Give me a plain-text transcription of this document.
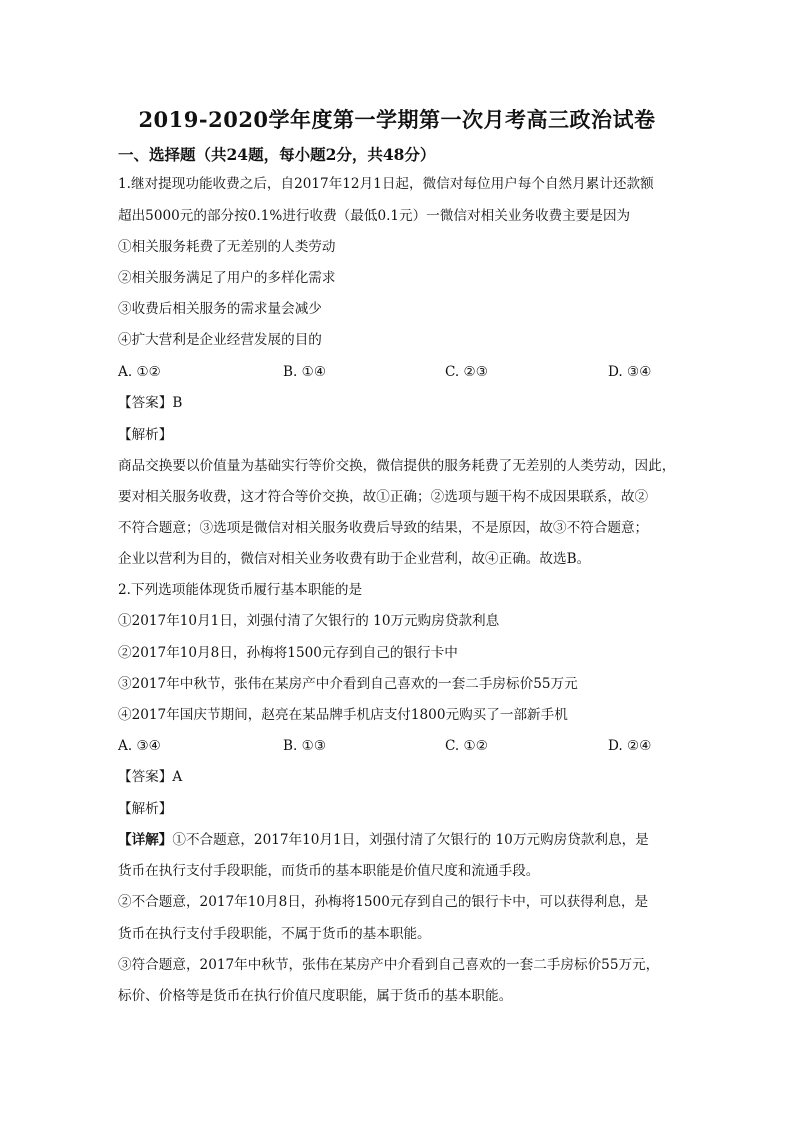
2019-2020学年度第一学期第一次月考高三政治试卷
一、选择题（共24题，每小题2分，共48分）
1.继对提现功能收费之后，自2017年12月1日起，微信对每位用户每个自然月累计还款额
超出5000元的部分按0.1%进行收费（最低0.1元）一微信对相关业务收费主要是因为
①相关服务耗费了无差别的人类劳动
②相关服务满足了用户的多样化需求
③收费后相关服务的需求量会减少
④扩大营利是企业经营发展的目的
A. ①②	B. ①④	C. ②③	D. ③④
【答案】B
【解析】
商品交换要以价值量为基础实行等价交换，微信提供的服务耗费了无差别的人类劳动，因此，
要对相关服务收费，这才符合等价交换，故①正确；②选项与题干构不成因果联系，故②
不符合题意；③选项是微信对相关服务收费后导致的结果，不是原因，故③不符合题意；
企业以营利为目的，微信对相关业务收费有助于企业营利，故④正确。故选B。
2.下列选项能体现货币履行基本职能的是
①2017年10月1日，刘强付清了欠银行的 10万元购房贷款利息
②2017年10月8日，孙梅将1500元存到自己的银行卡中
③2017年中秋节，张伟在某房产中介看到自己喜欢的一套二手房标价55万元
④2017年国庆节期间，赵亮在某品牌手机店支付1800元购买了一部新手机
A. ③④	B. ①③	C. ①②	D. ②④
【答案】A
【解析】
【详解】①不合题意，2017年10月1日，刘强付清了欠银行的 10万元购房贷款利息，是
货币在执行支付手段职能，而货币的基本职能是价值尺度和流通手段。
②不合题意，2017年10月8日，孙梅将1500元存到自己的银行卡中，可以获得利息，是
货币在执行支付手段职能，不属于货币的基本职能。
③符合题意，2017年中秋节，张伟在某房产中介看到自己喜欢的一套二手房标价55万元，
标价、价格等是货币在执行价值尺度职能，属于货币的基本职能。
